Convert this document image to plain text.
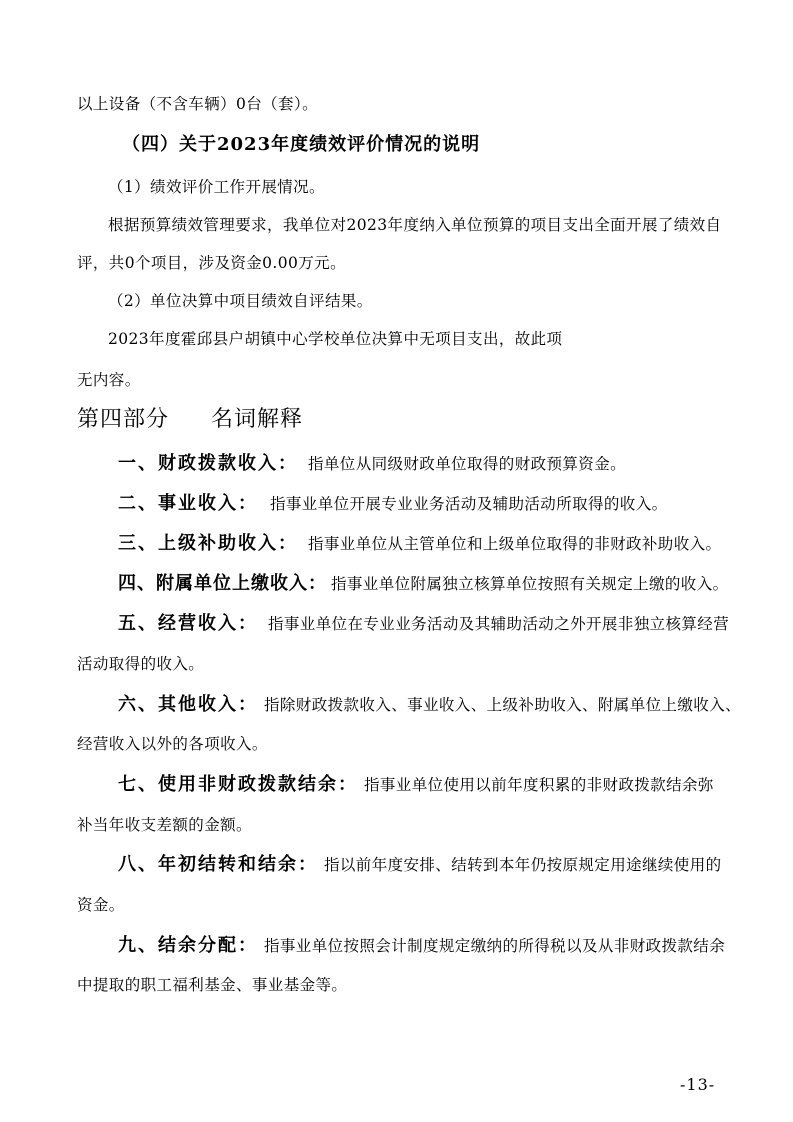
以上设备（不含车辆）0台（套）。
（四）关于2023年度绩效评价情况的说明
（1）绩效评价工作开展情况。
根据预算绩效管理要求，我单位对2023年度纳入单位预算的项目支出全面开展了绩效自
评，共0个项目，涉及资金0.00万元。
（2）单位决算中项目绩效自评结果。
2023年度霍邱县户胡镇中心学校单位决算中无项目支出，故此项
无内容。
第四部分 名词解释
一、财政拨款收入： 指单位从同级财政单位取得的财政预算资金。
二、事业收入： 指事业单位开展专业业务活动及辅助活动所取得的收入。
三、上级补助收入： 指事业单位从主管单位和上级单位取得的非财政补助收入。
四、附属单位上缴收入： 指事业单位附属独立核算单位按照有关规定上缴的收入。
五、经营收入： 指事业单位在专业业务活动及其辅助活动之外开展非独立核算经营
活动取得的收入。
六、其他收入： 指除财政拨款收入、事业收入、上级补助收入、附属单位上缴收入、
经营收入以外的各项收入。
七、使用非财政拨款结余： 指事业单位使用以前年度积累的非财政拨款结余弥
补当年收支差额的金额。
八、年初结转和结余： 指以前年度安排、结转到本年仍按原规定用途继续使用的
资金。
九、结余分配： 指事业单位按照会计制度规定缴纳的所得税以及从非财政拨款结余
中提取的职工福利基金、事业基金等。
-13-
